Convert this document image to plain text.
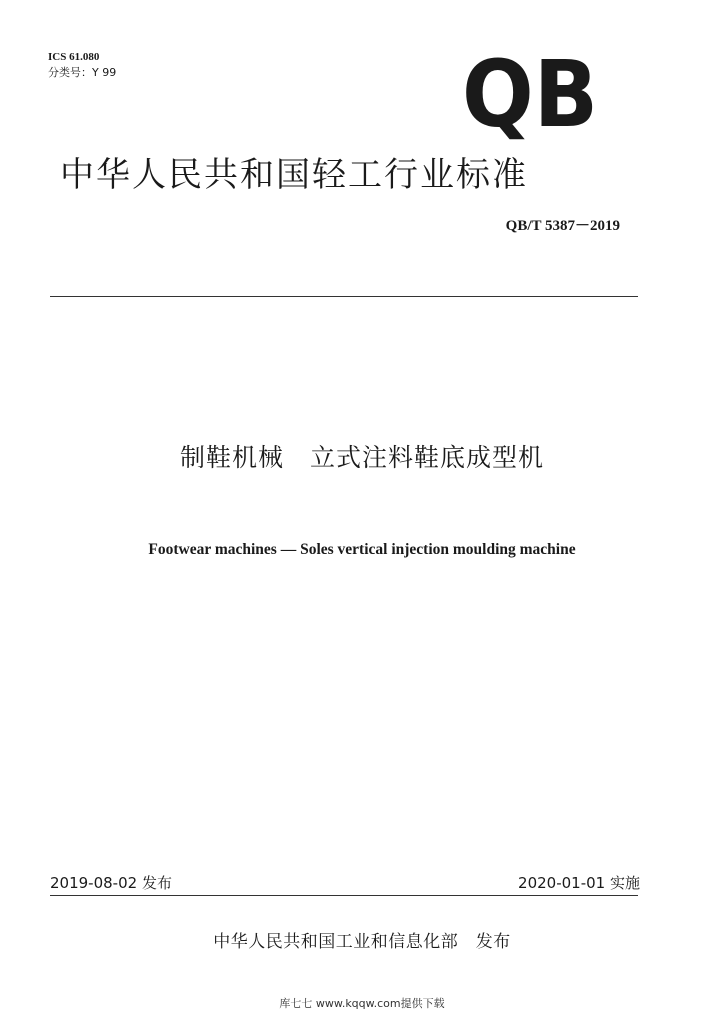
ICS 61.080
分类号：Y 99	QB
中华人民共和国轻工行业标准
QB/T 5387－2019
制鞋机械　立式注料鞋底成型机
Footwear machines — Soles vertical injection moulding machine
2019-08-02 发布	2020-01-01 实施
中华人民共和国工业和信息化部　发布
库七七 www.kqqw.com提供下载
